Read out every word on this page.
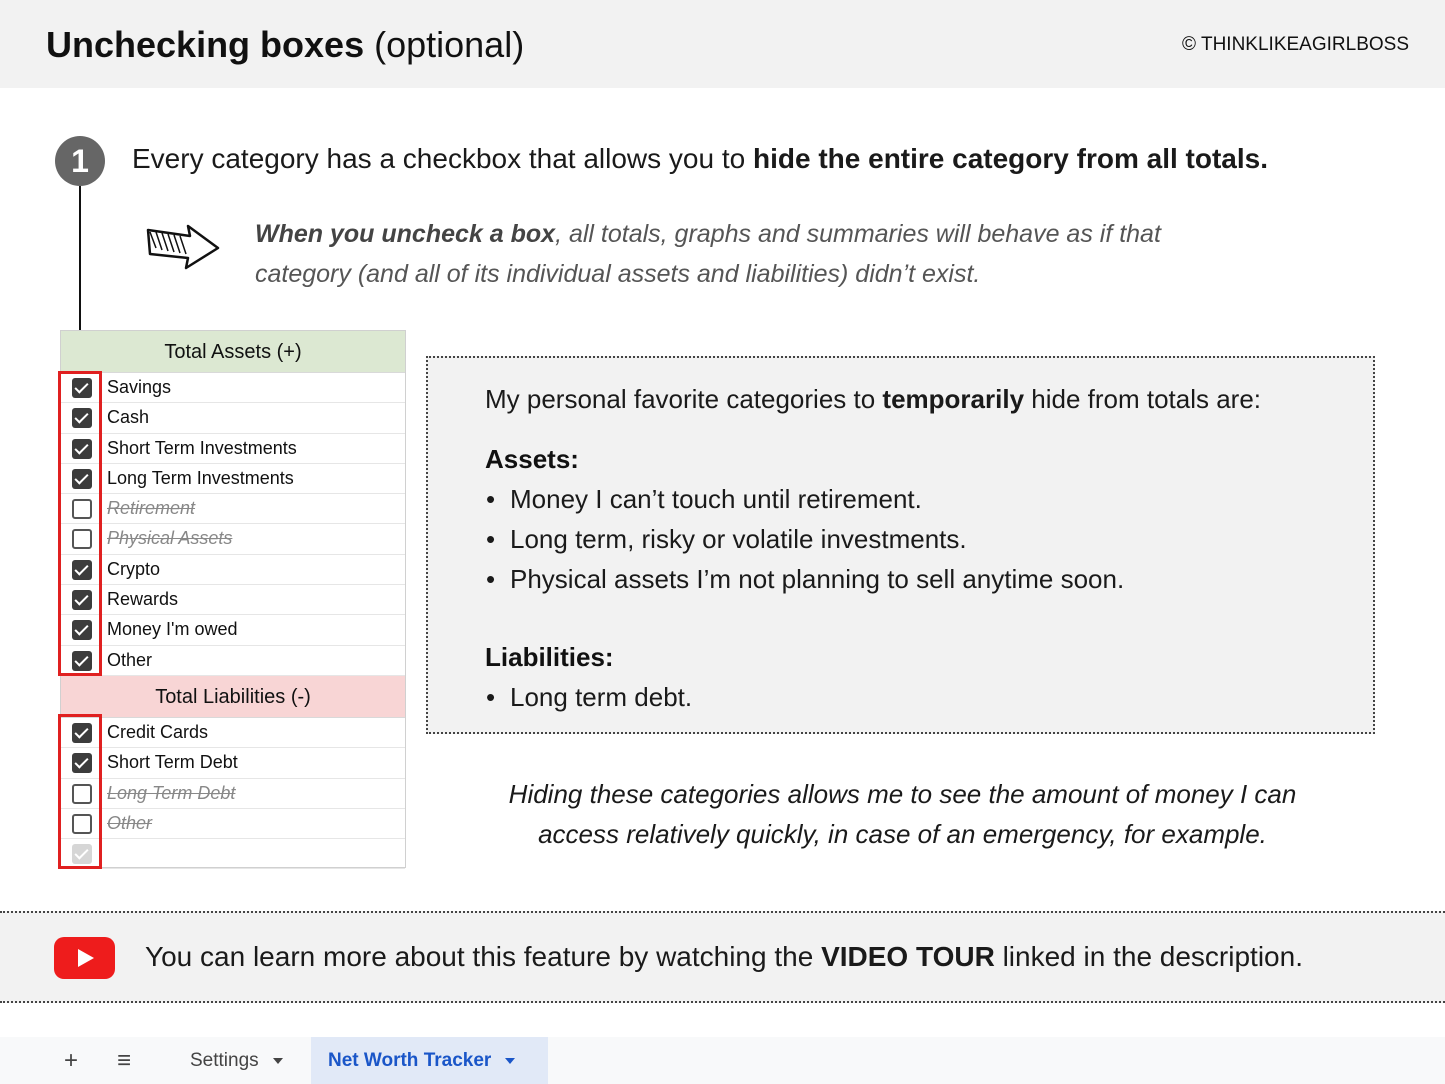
Unchecking boxes (optional)	© THINKLIKEAGIRLBOSS
1	Every category has a checkbox that allows you to hide the entire category from all totals.
When you uncheck a box, all totals, graphs and summaries will behave as if that category (and all of its individual assets and liabilities) didn’t exist.
Total Assets (+)
Savings
Cash
Short Term Investments
Long Term Investments
Retirement
Physical Assets
Crypto
Rewards
Money I'm owed
Other
Total Liabilities (-)
Credit Cards
Short Term Debt
Long Term Debt
Other
My personal favorite categories to temporarily hide from totals are:
Assets:
• Money I can’t touch until retirement.
• Long term, risky or volatile investments.
• Physical assets I’m not planning to sell anytime soon.
Liabilities:
• Long term debt.
Hiding these categories allows me to see the amount of money I can
access relatively quickly, in case of an emergency, for example.
You can learn more about this feature by watching the VIDEO TOUR linked in the description.
+ ≡	Settings	Net Worth Tracker
